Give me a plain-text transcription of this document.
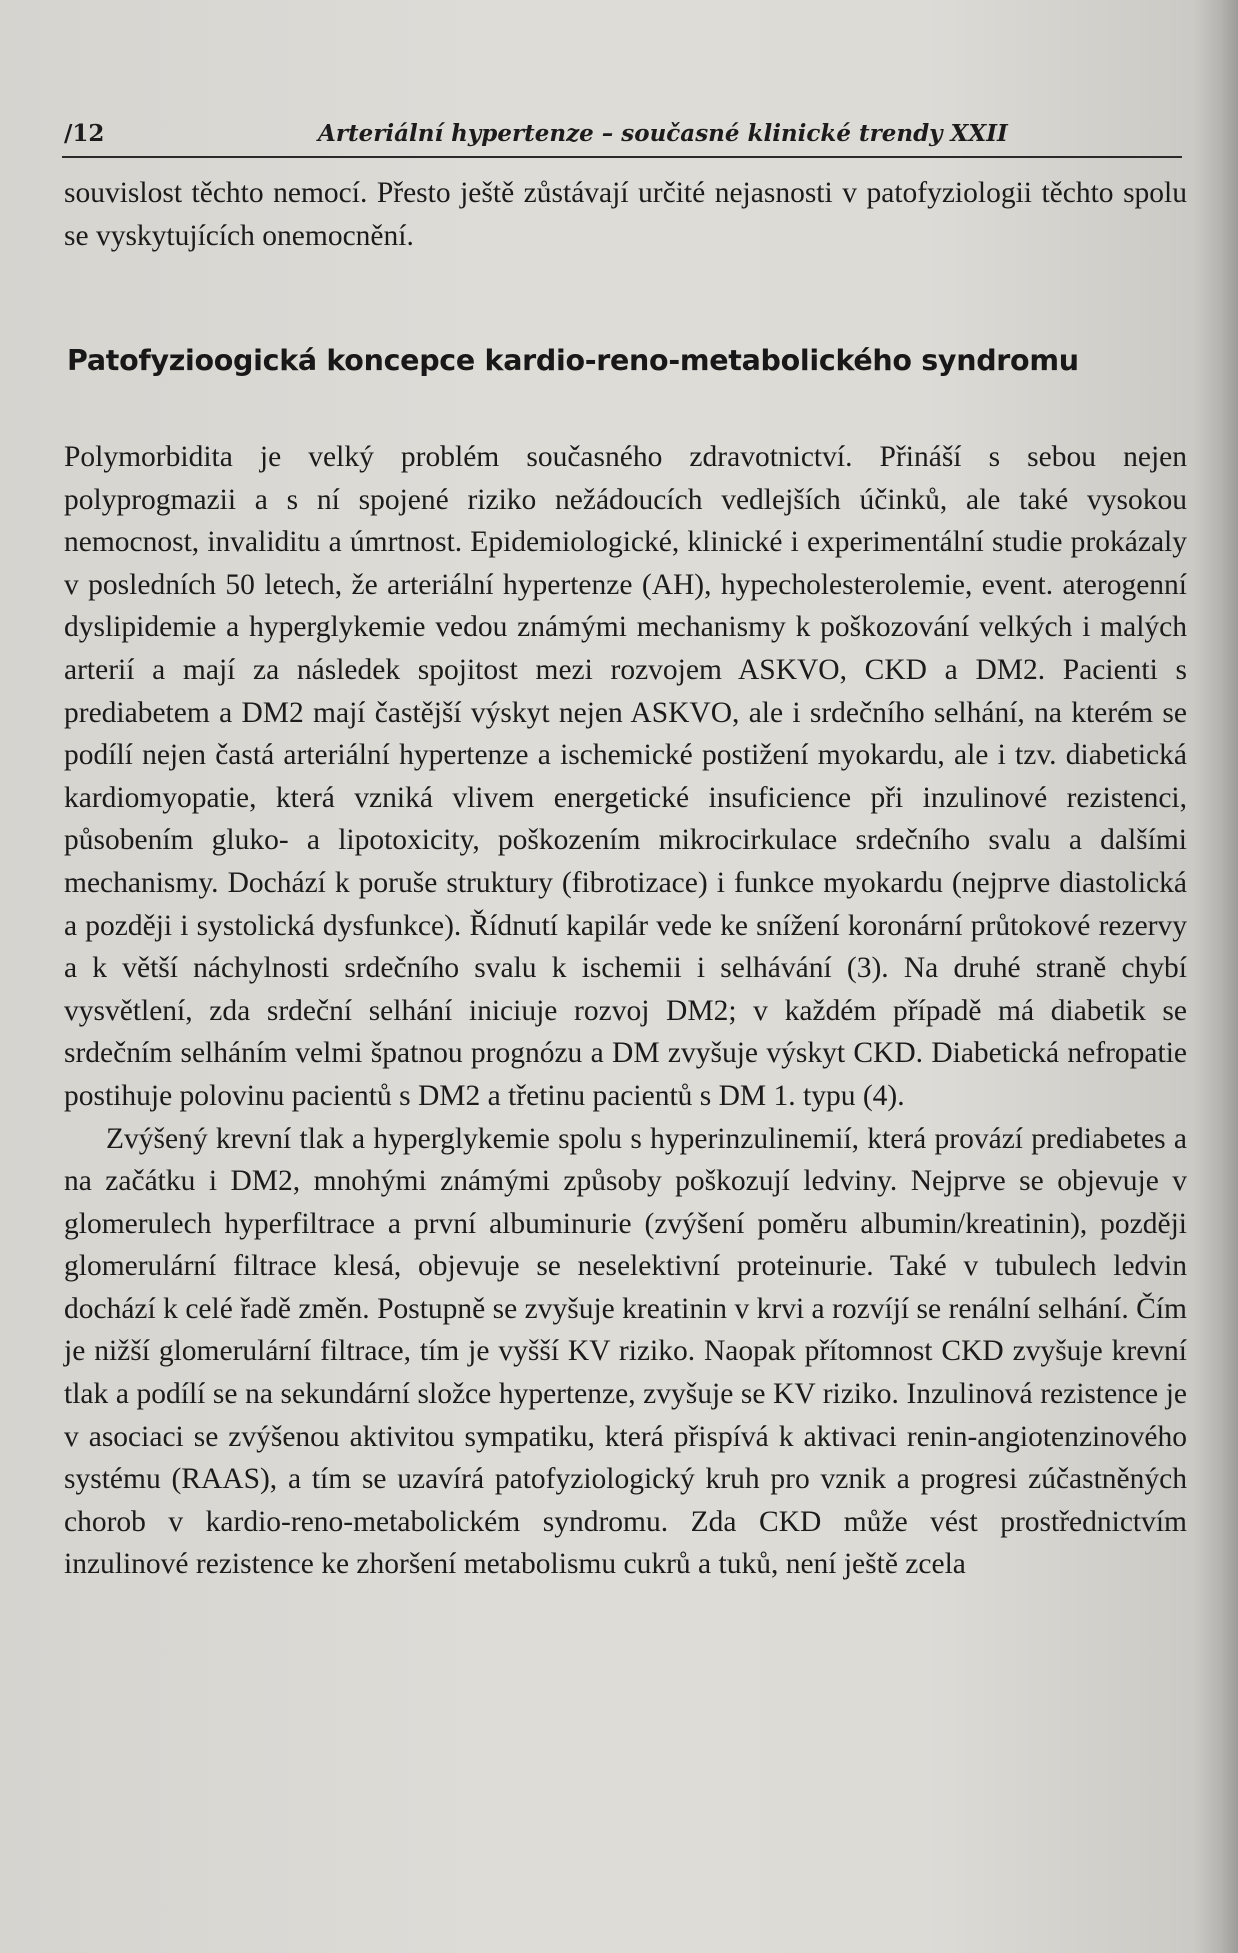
/12	Arteriální hypertenze – současné klinické trendy XXII

souvislost těchto nemocí. Přesto ještě zůstávají určité nejasnosti v patofyziologii těchto spolu se vyskytujících onemocnění.

Patofyzioogická koncepce kardio-reno-metabolického syndromu

Polymorbidita je velký problém současného zdravotnictví. Přináší s sebou nejen polyprogmazii a s ní spojené riziko nežádoucích vedlejších účinků, ale také vysokou nemocnost, invaliditu a úmrtnost. Epidemiologické, klinické i experimentální studie prokázaly v posledních 50 letech, že arteriální hypertenze (AH), hypecholesterolemie, event. aterogenní dyslipidemie a hyperglykemie vedou známými mechanismy k poškozování velkých i malých arterií a mají za následek spojitost mezi rozvojem ASKVO, CKD a DM2. Pacienti s prediabetem a DM2 mají častější výskyt nejen ASKVO, ale i srdečního selhání, na kterém se podílí nejen častá arteriální hypertenze a ischemické postižení myokardu, ale i tzv. diabetická kardiomyopatie, která vzniká vlivem energetické insuficience při inzulinové rezistenci, působením gluko- a lipotoxicity, poškozením mikrocirkulace srdečního svalu a dalšími mechanismy. Dochází k poruše struktury (fibrotizace) i funkce myokardu (nejprve diastolická a později i systolická dysfunkce). Řídnutí kapilár vede ke snížení koronární průtokové rezervy a k větší náchylnosti srdečního svalu k ischemii i selhávání (3). Na druhé straně chybí vysvětlení, zda srdeční selhání iniciuje rozvoj DM2; v každém případě má diabetik se srdečním selháním velmi špatnou prognózu a DM zvyšuje výskyt CKD. Diabetická nefropatie postihuje polovinu pacientů s DM2 a třetinu pacientů s DM 1. typu (4).

Zvýšený krevní tlak a hyperglykemie spolu s hyperinzulinemií, která provází prediabetes a na začátku i DM2, mnohými známými způsoby poškozují ledviny. Nejprve se objevuje v glomerulech hyperfiltrace a první albuminurie (zvýšení poměru albumin/kreatinin), později glomerulární filtrace klesá, objevuje se neselektivní proteinurie. Také v tubulech ledvin dochází k celé řadě změn. Postupně se zvyšuje kreatinin v krvi a rozvíjí se renální selhání. Čím je nižší glomerulární filtrace, tím je vyšší KV riziko. Naopak přítomnost CKD zvyšuje krevní tlak a podílí se na sekundární složce hypertenze, zvyšuje se KV riziko. Inzulinová rezistence je v asociaci se zvýšenou aktivitou sympatiku, která přispívá k aktivaci renin-angiotenzinového systému (RAAS), a tím se uzavírá patofyziologický kruh pro vznik a progresi zúčastněných chorob v kardio-reno-metabolickém syndromu. Zda CKD může vést prostřednictvím inzulinové rezistence ke zhoršení metabolismu cukrů a tuků, není ještě zcela
